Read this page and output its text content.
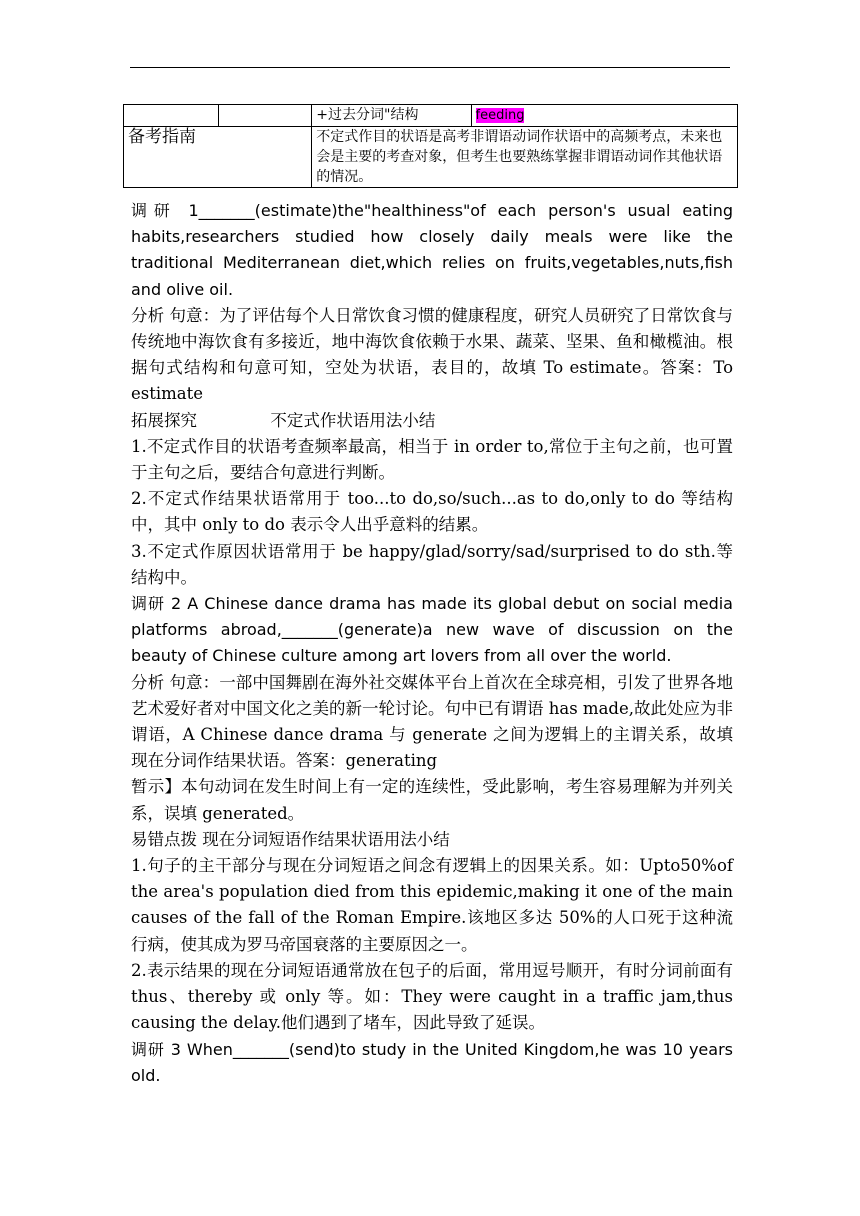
		+过去分词"结构	feeding
备考指南		不定式作目的状语是高考非谓语动词作状语中的高频考点，未来也会是主要的考查对象，但考生也要熟练掌握非谓语动词作其他状语的情况。	

调研 1_______(estimate)the"healthiness"of each person's usual eating habits,researchers studied how closely daily meals were like the traditional Mediterranean diet,which relies on fruits,vegetables,nuts,fish and olive oil.

分析 句意：为了评估每个人日常饮食习惯的健康程度，研究人员研究了日常饮食与传统地中海饮食有多接近，地中海饮食依赖于水果、蔬菜、坚果、鱼和橄榄油。根据句式结构和句意可知，空处为状语，表目的，故填 To estimate。答案：To estimate

拓展探究              不定式作状语用法小结

1.不定式作目的状语考查频率最高，相当于 in order to,常位于主句之前，也可置于主句之后，要结合句意进行判断。

2.不定式作结果状语常用于 too...to do,so/such...as to do,only to do 等结构中，其中 only to do 表示令人出乎意料的结累。

3.不定式作原因状语常用于 be happy/glad/sorry/sad/surprised to do sth.等结构中。

调研 2 A Chinese dance drama has made its global debut on social media platforms abroad,_______(generate)a new wave of discussion on the beauty of Chinese culture among art lovers from all over the world.

分析 句意：一部中国舞剧在海外社交媒体平台上首次在全球亮相，引发了世界各地艺术爱好者对中国文化之美的新一轮讨论。句中已有谓语 has made,故此处应为非谓语，A Chinese dance drama 与 generate 之间为逻辑上的主谓关系，故填现在分词作结果状语。答案：generating

暂示】本句动词在发生时间上有一定的连续性，受此影响，考生容易理解为并列关系，误填 generated。

易错点拨 现在分词短语作结果状语用法小结

1.句子的主干部分与现在分词短语之间念有逻辑上的因果关系。如：Upto50%of the area's population died from this epidemic,making it one of the main causes of the fall of the Roman Empire.该地区多达 50%的人口死于这种流行病，使其成为罗马帝国衰落的主要原因之一。

2.表示结果的现在分词短语通常放在包子的后面，常用逗号顺开，有时分词前面有 thus、thereby 或 only 等。如：They were caught in a traffic jam,thus causing the delay.他们遇到了堵车，因此导致了延误。

调研 3 When_______(send)to study in the United Kingdom,he was 10 years old.
